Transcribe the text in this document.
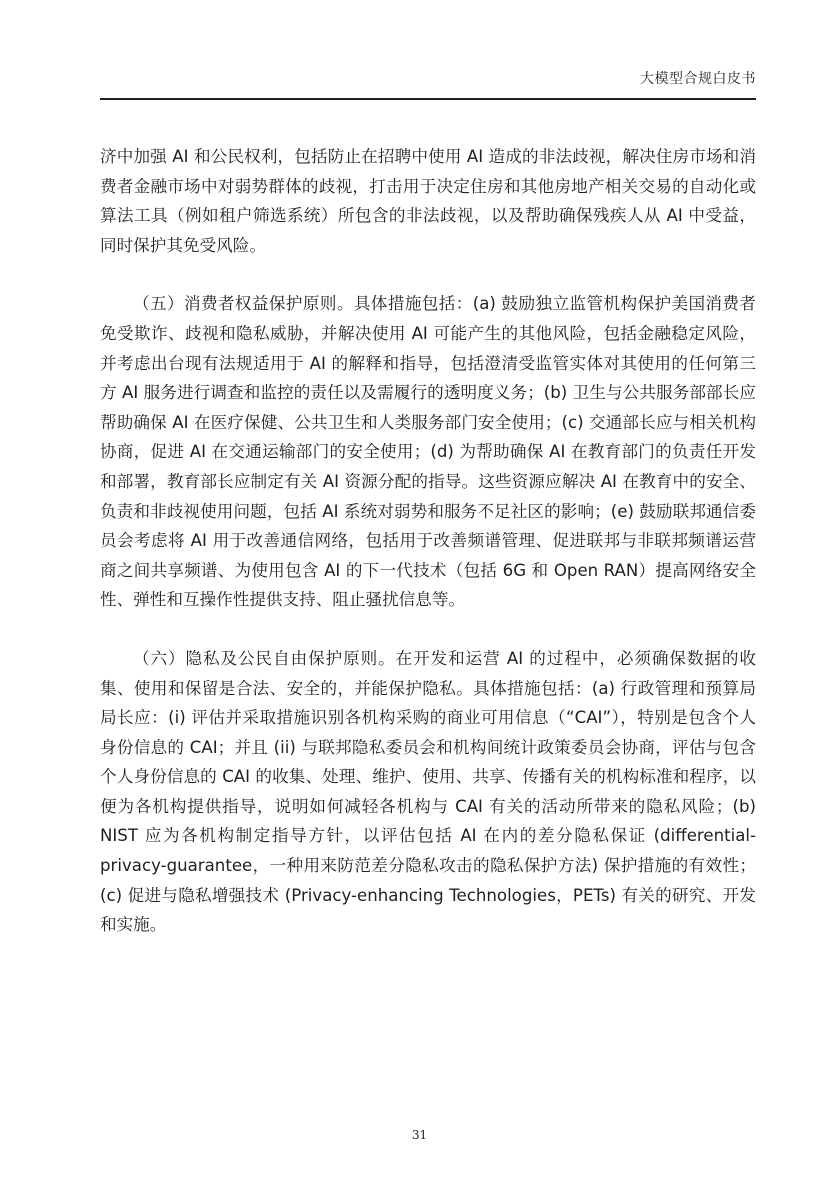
大模型合规白皮书

济中加强 AI 和公民权利，包括防止在招聘中使用 AI 造成的非法歧视，解决住房市场和消费者金融市场中对弱势群体的歧视，打击用于决定住房和其他房地产相关交易的自动化或算法工具（例如租户筛选系统）所包含的非法歧视，以及帮助确保残疾人从 AI 中受益，同时保护其免受风险。

（五）消费者权益保护原则。具体措施包括：(a) 鼓励独立监管机构保护美国消费者免受欺诈、歧视和隐私威胁，并解决使用 AI 可能产生的其他风险，包括金融稳定风险，并考虑出台现有法规适用于 AI 的解释和指导，包括澄清受监管实体对其使用的任何第三方 AI 服务进行调查和监控的责任以及需履行的透明度义务；(b) 卫生与公共服务部部长应帮助确保 AI 在医疗保健、公共卫生和人类服务部门安全使用；(c) 交通部长应与相关机构协商，促进 AI 在交通运输部门的安全使用；(d) 为帮助确保 AI 在教育部门的负责任开发和部署，教育部长应制定有关 AI 资源分配的指导。这些资源应解决 AI 在教育中的安全、负责和非歧视使用问题，包括 AI 系统对弱势和服务不足社区的影响；(e) 鼓励联邦通信委员会考虑将 AI 用于改善通信网络，包括用于改善频谱管理、促进联邦与非联邦频谱运营商之间共享频谱、为使用包含 AI 的下一代技术（包括 6G 和 Open RAN）提高网络安全性、弹性和互操作性提供支持、阻止骚扰信息等。

（六）隐私及公民自由保护原则。在开发和运营 AI 的过程中，必须确保数据的收集、使用和保留是合法、安全的，并能保护隐私。具体措施包括：(a) 行政管理和预算局局长应：(i) 评估并采取措施识别各机构采购的商业可用信息（“CAI”），特别是包含个人身份信息的 CAI；并且 (ii) 与联邦隐私委员会和机构间统计政策委员会协商，评估与包含个人身份信息的 CAI 的收集、处理、维护、使用、共享、传播有关的机构标准和程序，以便为各机构提供指导，说明如何减轻各机构与 CAI 有关的活动所带来的隐私风险；(b) NIST 应为各机构制定指导方针，以评估包括 AI 在内的差分隐私保证 (differential-privacy-guarantee，一种用来防范差分隐私攻击的隐私保护方法) 保护措施的有效性；(c) 促进与隐私增强技术 (Privacy-enhancing Technologies，PETs) 有关的研究、开发和实施。

31
